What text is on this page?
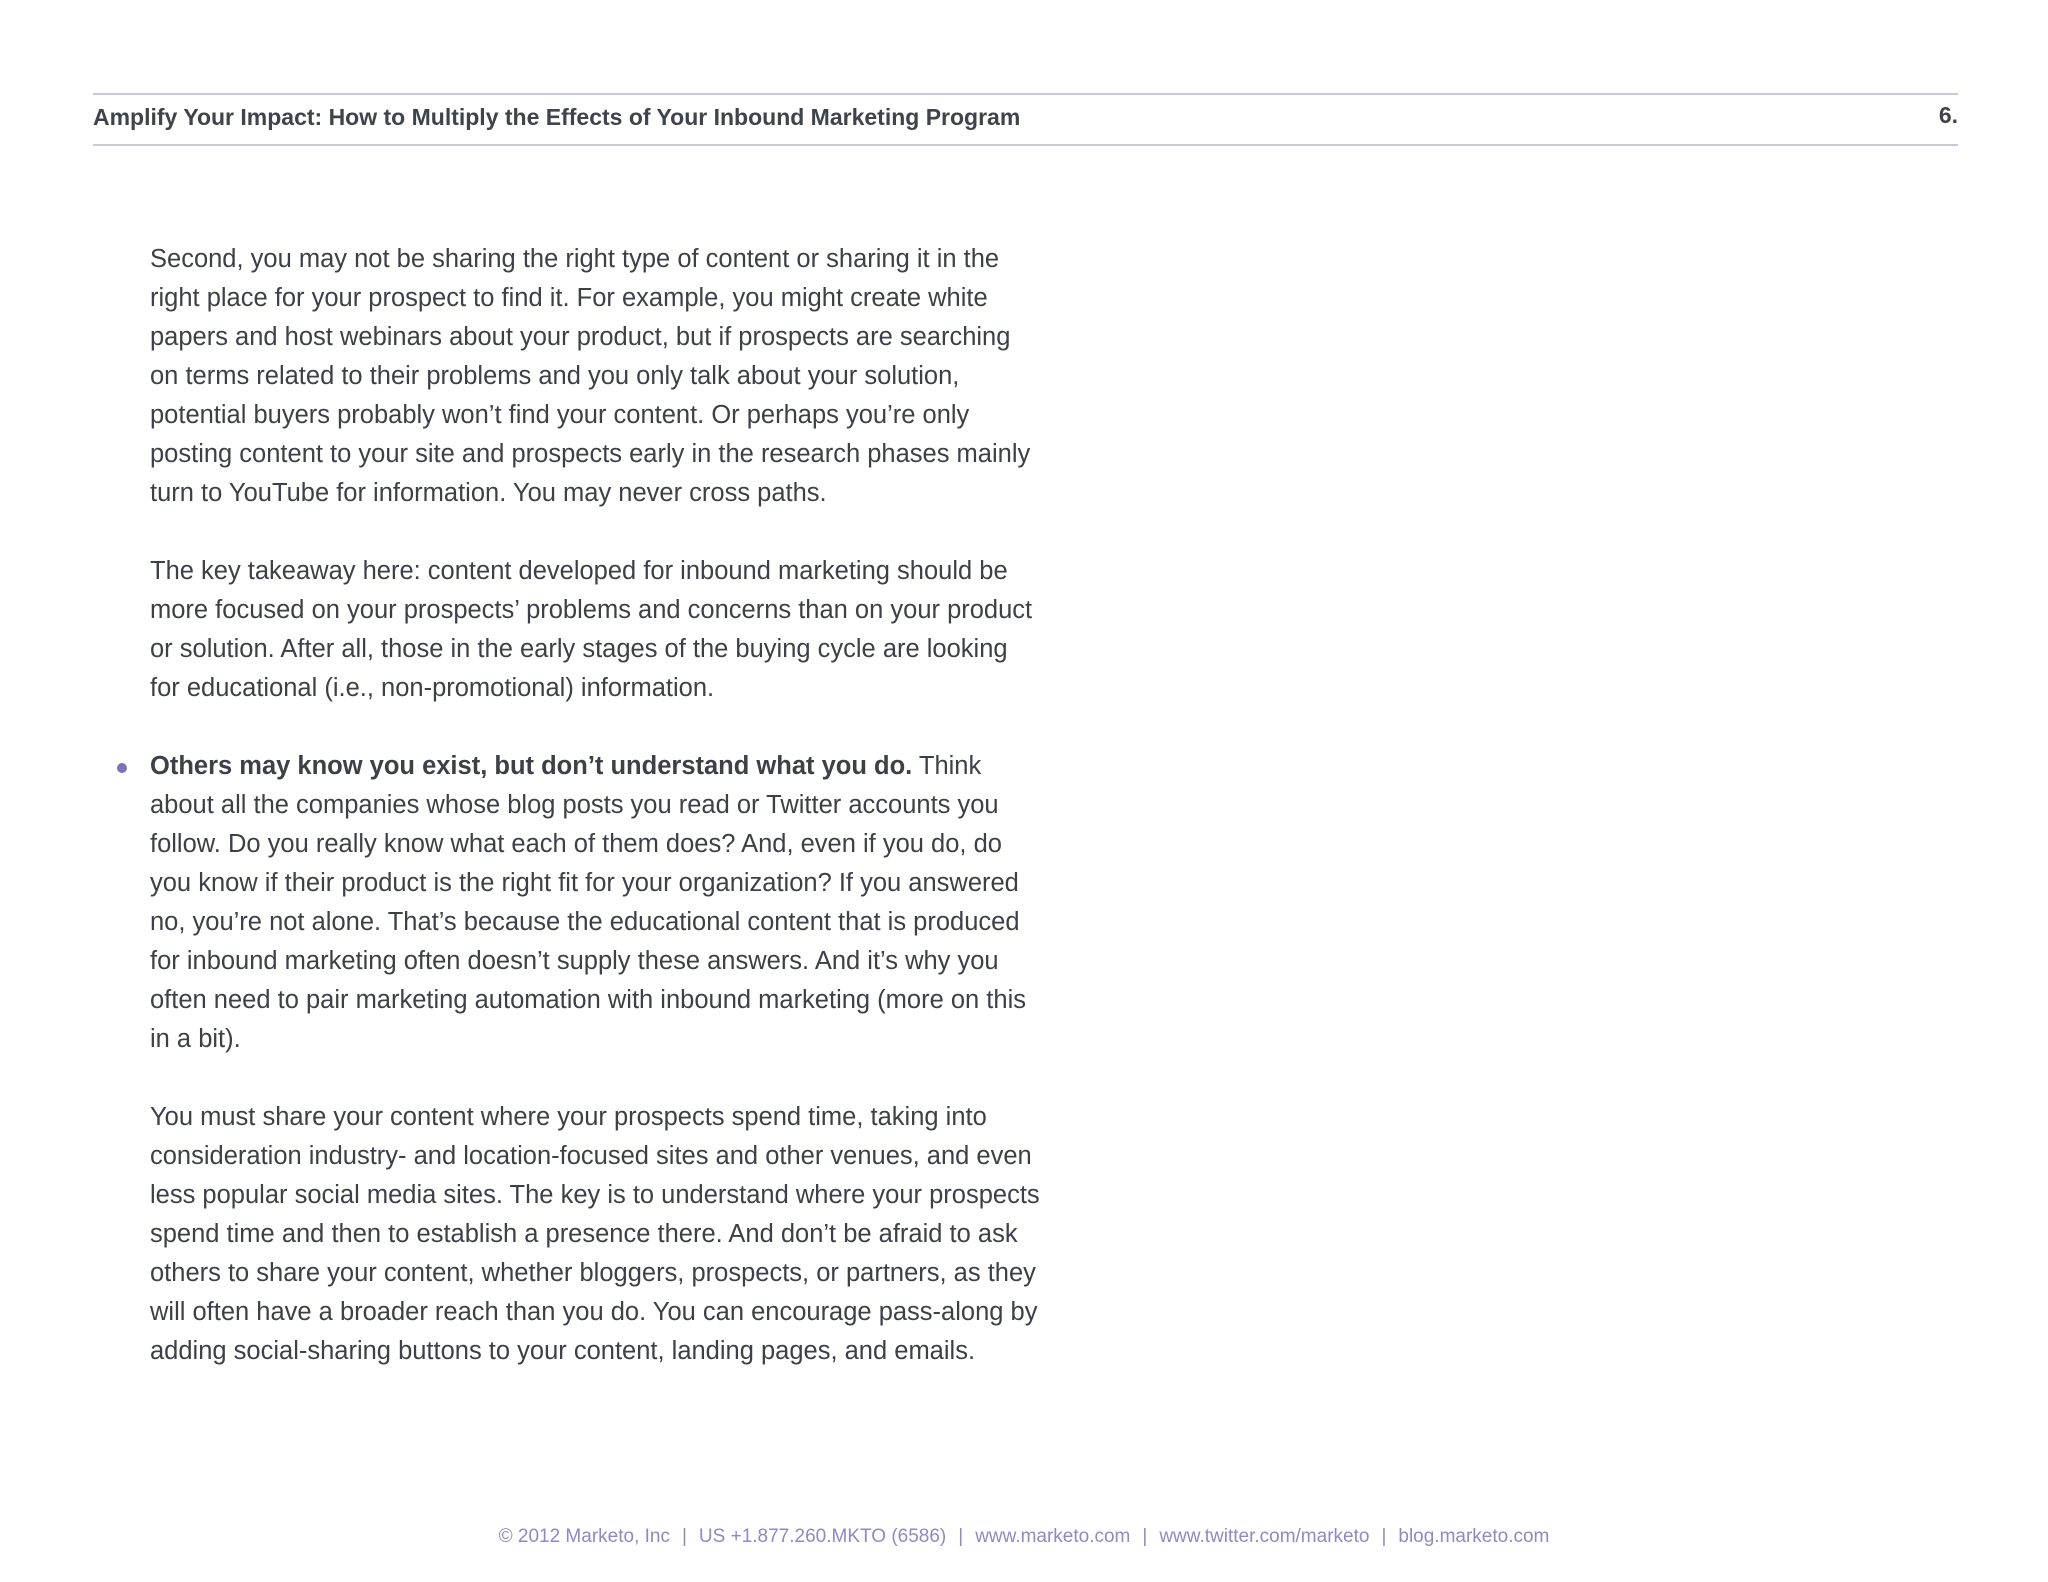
Amplify Your Impact: How to Multiply the Effects of Your Inbound Marketing Program	6.

Second, you may not be sharing the right type of content or sharing it in the right place for your prospect to find it. For example, you might create white papers and host webinars about your product, but if prospects are searching on terms related to their problems and you only talk about your solution, potential buyers probably won’t find your content. Or perhaps you’re only posting content to your site and prospects early in the research phases mainly turn to YouTube for information. You may never cross paths.

The key takeaway here: content developed for inbound marketing should be more focused on your prospects’ problems and concerns than on your product or solution. After all, those in the early stages of the buying cycle are looking for educational (i.e., non-promotional) information.

Others may know you exist, but don’t understand what you do. Think about all the companies whose blog posts you read or Twitter accounts you follow. Do you really know what each of them does? And, even if you do, do you know if their product is the right fit for your organization? If you answered no, you’re not alone. That’s because the educational content that is produced for inbound marketing often doesn’t supply these answers. And it’s why you often need to pair marketing automation with inbound marketing (more on this in a bit).

You must share your content where your prospects spend time, taking into consideration industry- and location-focused sites and other venues, and even less popular social media sites. The key is to understand where your prospects spend time and then to establish a presence there. And don’t be afraid to ask others to share your content, whether bloggers, prospects, or partners, as they will often have a broader reach than you do. You can encourage pass-along by adding social-sharing buttons to your content, landing pages, and emails.

© 2012 Marketo, Inc | US +1.877.260.MKTO (6586) | www.marketo.com | www.twitter.com/marketo | blog.marketo.com
